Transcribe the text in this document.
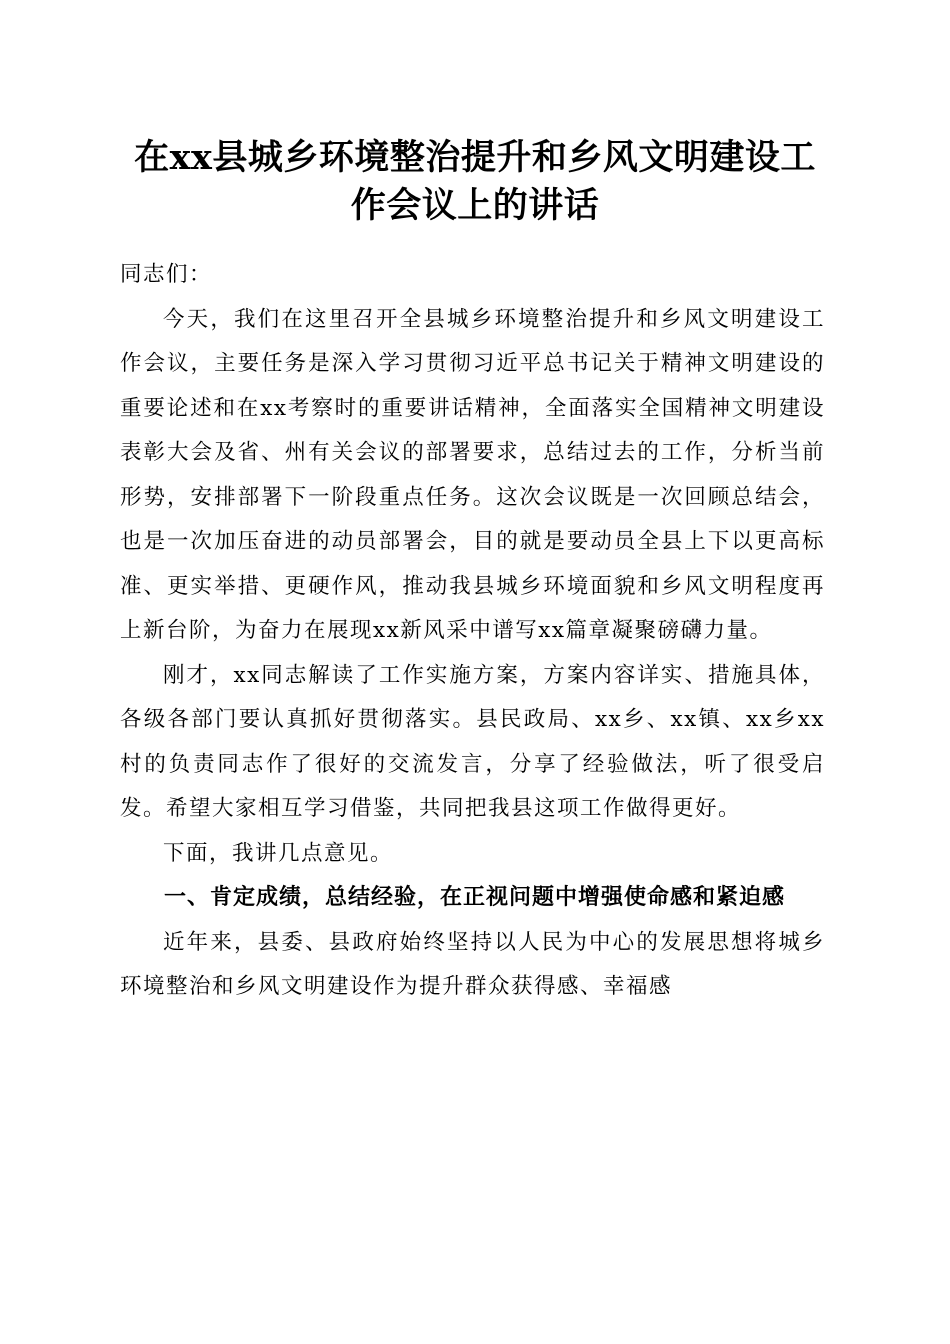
在xx县城乡环境整治提升和乡风文明建设工
作会议上的讲话

同志们：

今天，我们在这里召开全县城乡环境整治提升和乡风文明建设工作会议，主要任务是深入学习贯彻习近平总书记关于精神文明建设的重要论述和在xx考察时的重要讲话精神，全面落实全国精神文明建设表彰大会及省、州有关会议的部署要求，总结过去的工作，分析当前形势，安排部署下一阶段重点任务。这次会议既是一次回顾总结会，也是一次加压奋进的动员部署会，目的就是要动员全县上下以更高标准、更实举措、更硬作风，推动我县城乡环境面貌和乡风文明程度再上新台阶，为奋力在展现xx新风采中谱写xx篇章凝聚磅礴力量。

刚才，xx同志解读了工作实施方案，方案内容详实、措施具体，各级各部门要认真抓好贯彻落实。县民政局、xx乡、xx镇、xx乡xx村的负责同志作了很好的交流发言，分享了经验做法，听了很受启发。希望大家相互学习借鉴，共同把我县这项工作做得更好。

下面，我讲几点意见。

一、肯定成绩，总结经验，在正视问题中增强使命感和紧迫感

近年来，县委、县政府始终坚持以人民为中心的发展思想将城乡环境整治和乡风文明建设作为提升群众获得感、幸福感
